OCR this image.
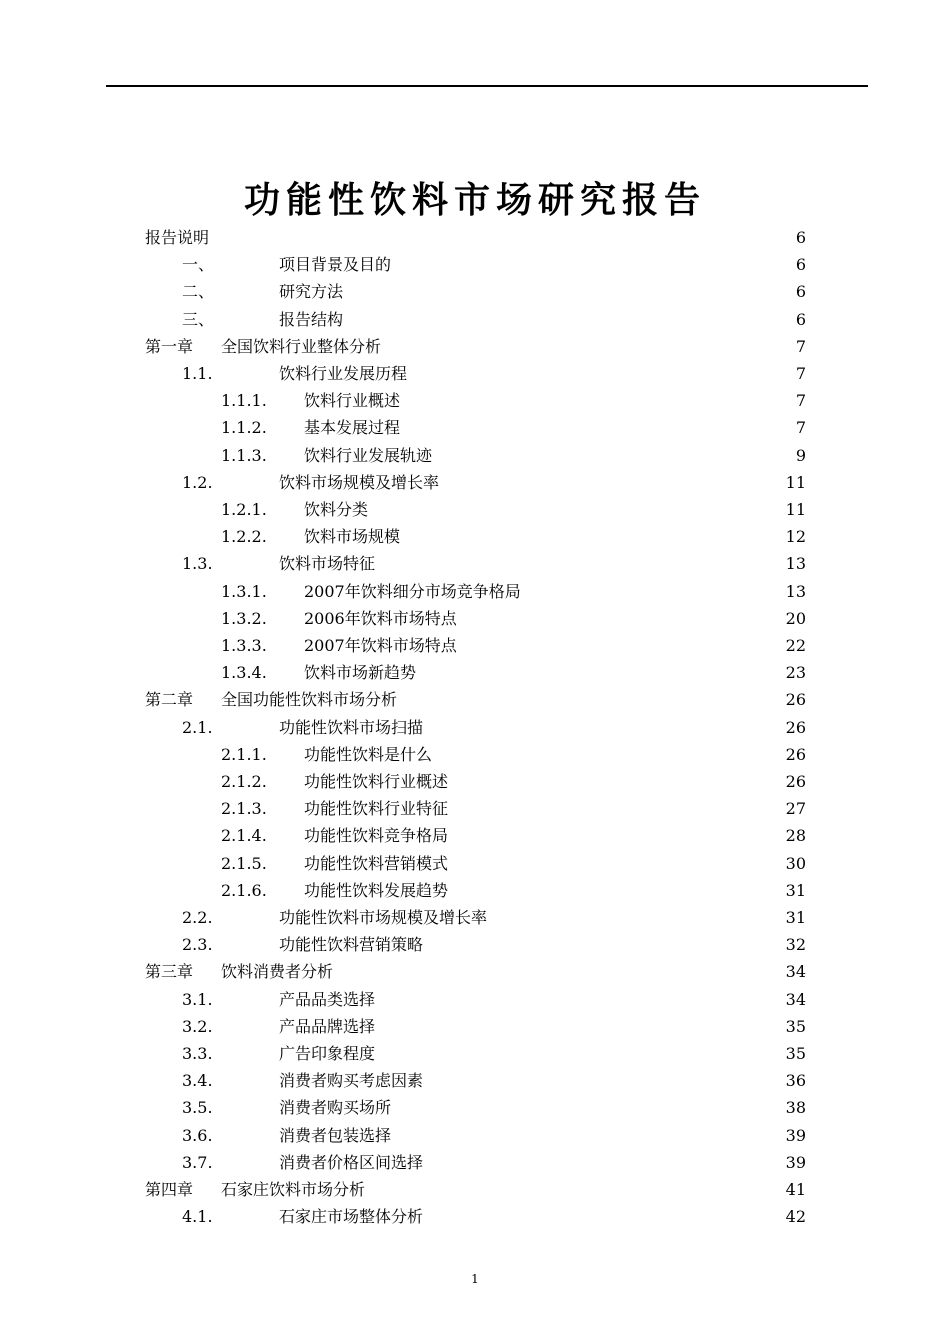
功能性饮料市场研究报告
报告说明	6
一、	项目背景及目的	6
二、	研究方法	6
三、	报告结构	6
第一章	全国饮料行业整体分析	7
1.1.	饮料行业发展历程	7
1.1.1.	饮料行业概述	7
1.1.2.	基本发展过程	7
1.1.3.	饮料行业发展轨迹	9
1.2.	饮料市场规模及增长率	11
1.2.1.	饮料分类	11
1.2.2.	饮料市场规模	12
1.3.	饮料市场特征	13
1.3.1.	2007年饮料细分市场竞争格局	13
1.3.2.	2006年饮料市场特点	20
1.3.3.	2007年饮料市场特点	22
1.3.4.	饮料市场新趋势	23
第二章	全国功能性饮料市场分析	26
2.1.	功能性饮料市场扫描	26
2.1.1.	功能性饮料是什么	26
2.1.2.	功能性饮料行业概述	26
2.1.3.	功能性饮料行业特征	27
2.1.4.	功能性饮料竞争格局	28
2.1.5.	功能性饮料营销模式	30
2.1.6.	功能性饮料发展趋势	31
2.2.	功能性饮料市场规模及增长率	31
2.3.	功能性饮料营销策略	32
第三章	饮料消费者分析	34
3.1.	产品品类选择	34
3.2.	产品品牌选择	35
3.3.	广告印象程度	35
3.4.	消费者购买考虑因素	36
3.5.	消费者购买场所	38
3.6.	消费者包装选择	39
3.7.	消费者价格区间选择	39
第四章	石家庄饮料市场分析	41
4.1.	石家庄市场整体分析	42
1
